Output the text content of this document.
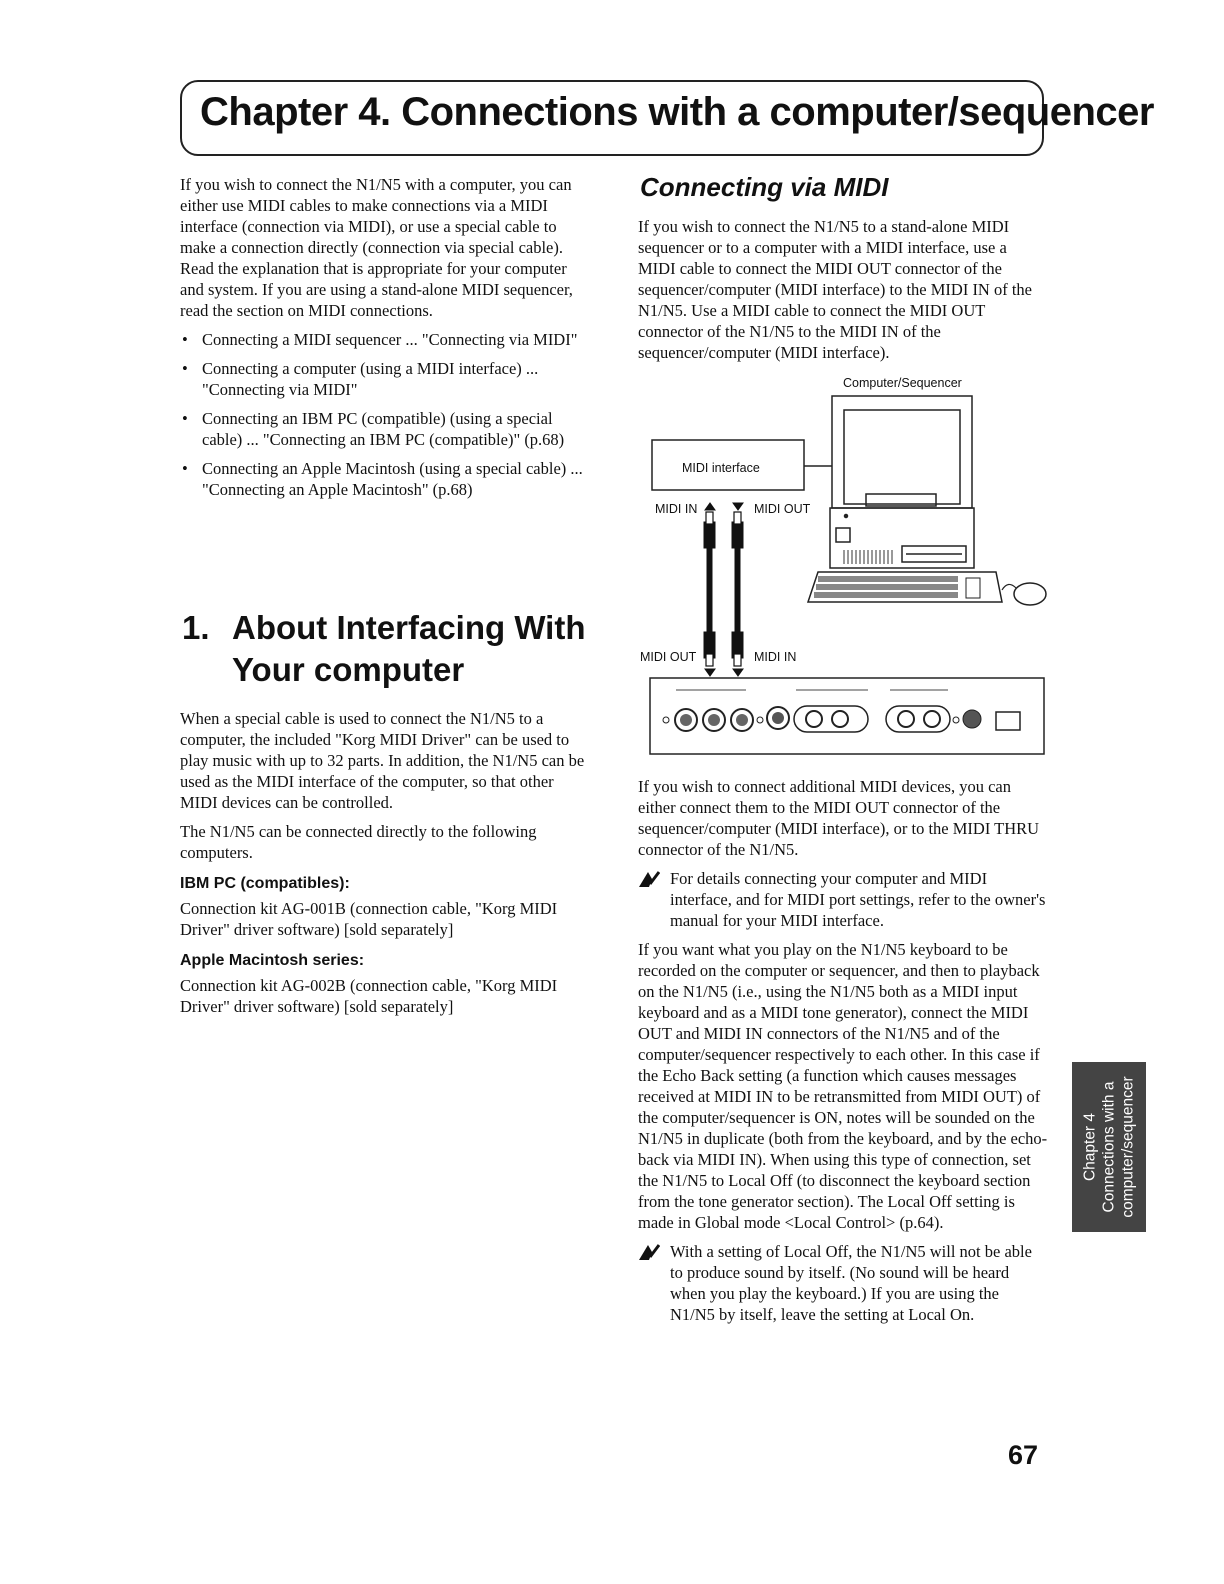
Chapter 4. Connections with a computer/sequencer

If you wish to connect the N1/N5 with a computer, you can either use MIDI cables to make connections via a MIDI interface (connection via MIDI), or use a special cable to make a connection directly (connection via special cable). Read the explanation that is appropriate for your computer and system. If you are using a stand-alone MIDI sequencer, read the section on MIDI connections.

• Connecting a MIDI sequencer ... "Connecting via MIDI"
• Connecting a computer (using a MIDI interface) ... "Connecting via MIDI"
• Connecting an IBM PC (compatible) (using a special cable) ... "Connecting an IBM PC (compatible)" (p.68)
• Connecting an Apple Macintosh (using a special cable) ... "Connecting an Apple Macintosh" (p.68)
1. About Interfacing With
Your computer

When a special cable is used to connect the N1/N5 to a computer, the included "Korg MIDI Driver" can be used to play music with up to 32 parts. In addition, the N1/N5 can be used as the MIDI interface of the computer, so that other MIDI devices can be controlled.

The N1/N5 can be connected directly to the following computers.

IBM PC (compatibles):

Connection kit AG-001B (connection cable, "Korg MIDI Driver" driver software) [sold separately]

Apple Macintosh series:

Connection kit AG-002B (connection cable, "Korg MIDI Driver" driver software) [sold separately]

Connecting via MIDI
If you wish to connect the N1/N5 to a stand-alone MIDI sequencer or to a computer with a MIDI interface, use a MIDI cable to connect the MIDI OUT connector of the sequencer/computer (MIDI interface) to the MIDI IN of the N1/N5. Use a MIDI cable to connect the MIDI OUT connector of the N1/N5 to the MIDI IN of the sequencer/computer (MIDI interface).
Computer/Sequencer
MIDI interface
MIDI IN	MIDI OUT
MIDI OUT	MIDI IN

If you wish to connect additional MIDI devices, you can either connect them to the MIDI OUT connector of the sequencer/computer (MIDI interface), or to the MIDI THRU connector of the N1/N5.

For details connecting your computer and MIDI interface, and for MIDI port settings, refer to the owner's manual for your MIDI interface.

If you want what you play on the N1/N5 keyboard to be recorded on the computer or sequencer, and then to playback on the N1/N5 (i.e., using the N1/N5 both as a MIDI input keyboard and as a MIDI tone generator), connect the MIDI OUT and MIDI IN connectors of the N1/N5 and of the computer/sequencer respectively to each other. In this case if the Echo Back setting (a function which causes messages received at MIDI IN to be retransmitted from MIDI OUT) of the computer/sequencer is ON, notes will be sounded on the N1/N5 in duplicate (both from the keyboard, and by the echo-back via MIDI IN). When using this type of connection, set the N1/N5 to Local Off (to disconnect the keyboard section from the tone generator section). The Local Off setting is made in Global mode <Local Control> (p.64).

With a setting of Local Off, the N1/N5 will not be able to produce sound by itself. (No sound will be heard when you play the keyboard.) If you are using the N1/N5 by itself, leave the setting at Local On.
Chapter 4 Connections with a computer/sequencer
67
